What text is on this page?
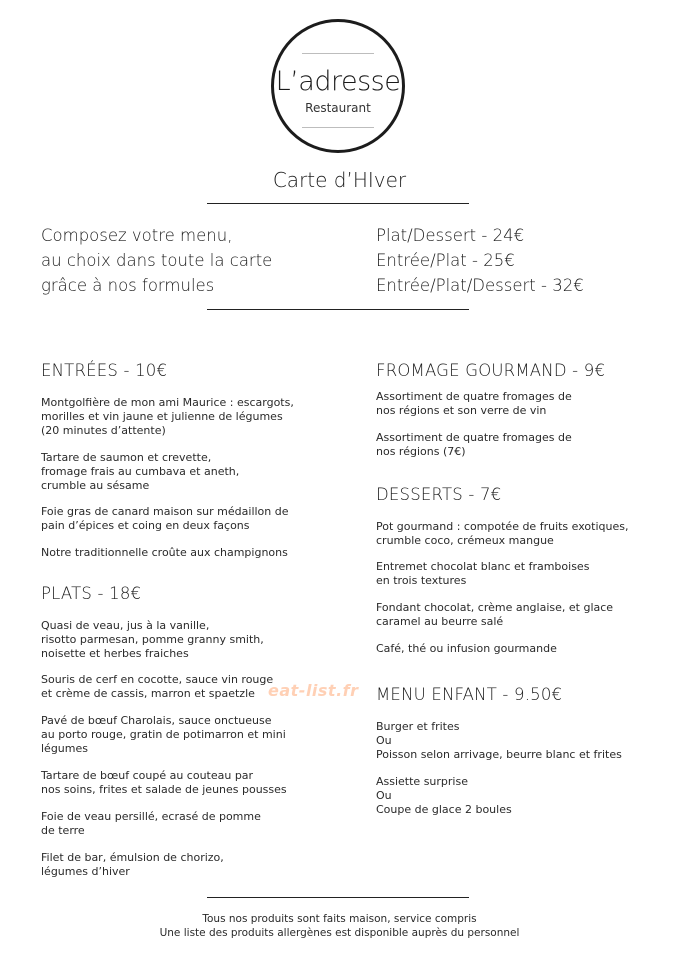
L’adresse
Restaurant
Carte d’HIver
Composez votre menu,
au choix dans toute la carte
grâce à nos formules
Plat/Dessert - 24€
Entrée/Plat - 25€
Entrée/Plat/Dessert - 32€
ENTRÉES - 10€
Montgolfière de mon ami Maurice : escargots,
morilles et vin jaune et julienne de légumes
(20 minutes d’attente)
Tartare de saumon et crevette,
fromage frais au cumbava et aneth,
crumble au sésame
Foie gras de canard maison sur médaillon de
pain d’épices et coing en deux façons
Notre traditionnelle croûte aux champignons
PLATS - 18€
Quasi de veau, jus à la vanille,
risotto parmesan, pomme granny smith,
noisette et herbes fraiches
Souris de cerf en cocotte, sauce vin rouge
et crème de cassis, marron et spaetzle
Pavé de bœuf Charolais, sauce onctueuse
au porto rouge, gratin de potimarron et mini
légumes
Tartare de bœuf coupé au couteau par
nos soins, frites et salade de jeunes pousses
Foie de veau persillé, ecrasé de pomme
de terre
Filet de bar, émulsion de chorizo,
légumes d’hiver
FROMAGE GOURMAND - 9€
Assortiment de quatre fromages de
nos régions et son verre de vin
Assortiment de quatre fromages de
nos régions (7€)
DESSERTS - 7€
Pot gourmand : compotée de fruits exotiques,
crumble coco, crémeux mangue
Entremet chocolat blanc et framboises
en trois textures
Fondant chocolat, crème anglaise, et glace
caramel au beurre salé
Café, thé ou infusion gourmande
MENU ENFANT - 9.50€
Burger et frites
Ou
Poisson selon arrivage, beurre blanc et frites
Assiette surprise
Ou
Coupe de glace 2 boules
Tous nos produits sont faits maison, service compris
Une liste des produits allergènes est disponible auprès du personnel
eat-list.fr
